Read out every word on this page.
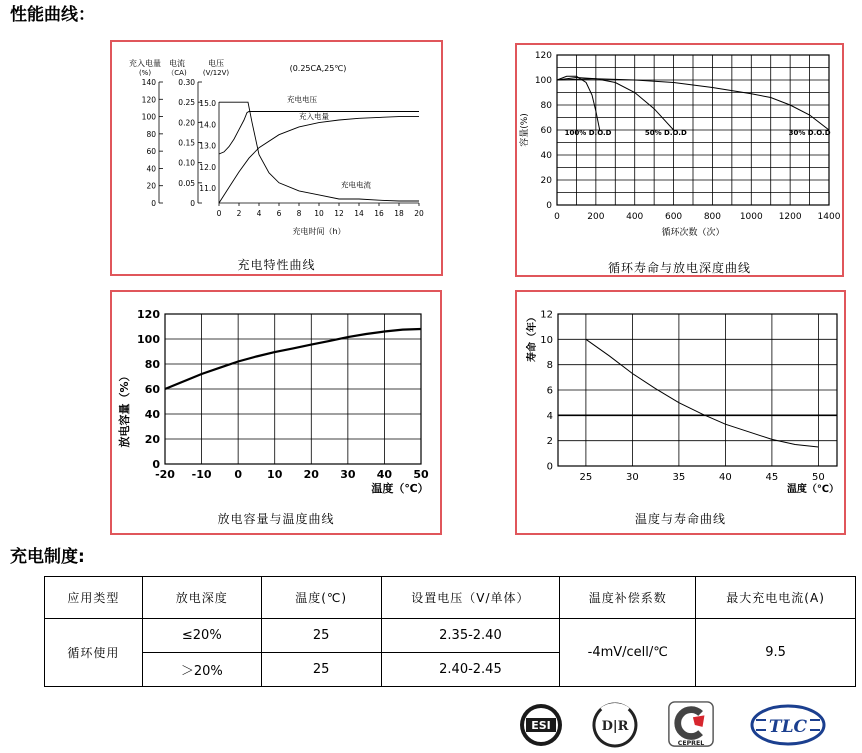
性能曲线：
充入电量
(%)
电流
（CA)
电压
(V/12V)	(0.25CA,25℃)
0
20
40
60
80
100
120
140
0
0.05
0.10
0.15
0.20
0.25
0.30
11.0
12.0
13.0
14.0
15.0
0 2 4 6 8 10 12 14 16 18 20
充电时间（h）
充电电压
充入电量
充电电流
充电特性曲线
0	200 400 600 800 1000 1200 1400
0
20
40
60
80
100
120
100% D.O.D	50% D.O.D	30% D.O.D
循环次数（次）
容量(%)
循环寿命与放电深度曲线
-20 -10 0 10 20 30 40 50
0
20
40
60
80
100
120
温度（℃）
放电容量（%）
放电容量与温度曲线
25	30	35	40	45	50
0
2
4
6
8
10
12
温度（℃）
寿命（年）
温度与寿命曲线
充电制度:
应用类型	放电深度	温度(℃)	设置电压（V/单体）	温度补偿系数	最大充电电流(A)
循环使用	≤20%	25	2.35-2.40	-4mV/cell/℃	9.5
	＞20%	25	2.40-2.45		
ESI	D|R
CEPREL
TLC
